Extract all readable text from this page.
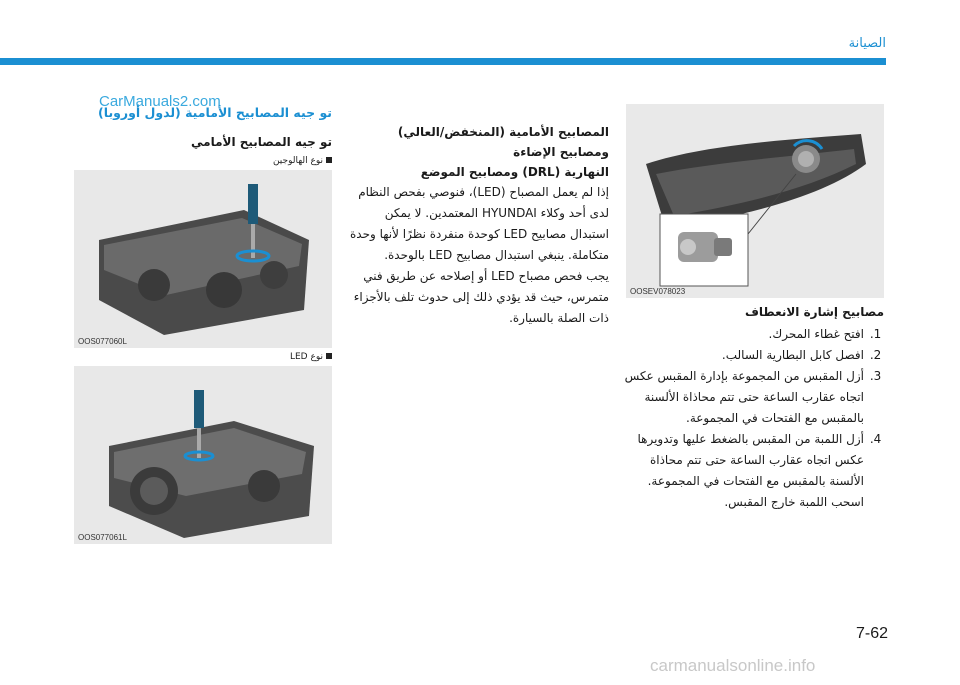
الصيانة
CarManuals2.com
OOSEV078023
مصابيح إشارة الانعطاف
1. افتح غطاء المحرك.
2. افصل كابل البطارية السالب.
3. أزل المقبس من المجموعة بإدارة المقبس عكس اتجاه عقارب الساعة حتى تتم محاذاة الألسنة بالمقبس مع الفتحات في المجموعة.
4. أزل اللمبة من المقبس بالضغط عليها وتدويرها عكس اتجاه عقارب الساعة حتى تتم محاذاة الألسنة بالمقبس مع الفتحات في المجموعة. اسحب اللمبة خارج المقبس.
المصابيح الأمامية (المنخفض/العالي) ومصابيح الإضاءة
النهارية (DRL) ومصابيح الموضع

إذا لم يعمل المصباح (LED)، فنوصي بفحص النظام لدى أحد وكلاء HYUNDAI المعتمدين. لا يمكن استبدال مصابيح LED كوحدة منفردة نظرًا لأنها وحدة متكاملة. ينبغي استبدال مصابيح LED بالوحدة.

يجب فحص مصباح LED أو إصلاحه عن طريق فني متمرس، حيث قد يؤدي ذلك إلى حدوث تلف بالأجزاء ذات الصلة بالسيارة.

تو جيه المصابيح الأمامية (لدول أوروبا)
تو جيه المصابيح الأمامي
نوع الهالوجين
OOS077060L
نوع LED
OOS077061L
7-62
carmanualsonline.info
